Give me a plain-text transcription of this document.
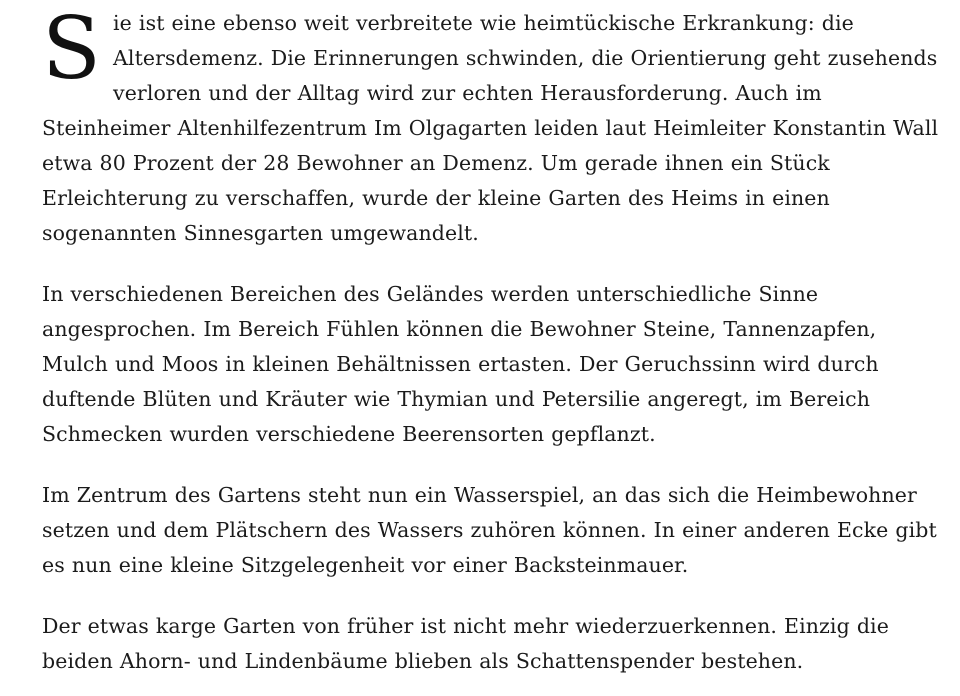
Sie ist eine ebenso weit verbreitete wie heimtückische Erkrankung: die Altersdemenz. Die Erinnerungen schwinden, die Orientierung geht zusehends verloren und der Alltag wird zur echten Herausforderung. Auch im Steinheimer Altenhilfezentrum Im Olgagarten leiden laut Heimleiter Konstantin Wall etwa 80 Prozent der 28 Bewohner an Demenz. Um gerade ihnen ein Stück Erleichterung zu verschaffen, wurde der kleine Garten des Heims in einen sogenannten Sinnesgarten umgewandelt.

In verschiedenen Bereichen des Geländes werden unterschiedliche Sinne angesprochen. Im Bereich Fühlen können die Bewohner Steine, Tannenzapfen, Mulch und Moos in kleinen Behältnissen ertasten. Der Geruchssinn wird durch duftende Blüten und Kräuter wie Thymian und Petersilie angeregt, im Bereich Schmecken wurden verschiedene Beerensorten gepflanzt.

Im Zentrum des Gartens steht nun ein Wasserspiel, an das sich die Heimbewohner setzen und dem Plätschern des Wassers zuhören können. In einer anderen Ecke gibt es nun eine kleine Sitzgelegenheit vor einer Backsteinmauer.

Der etwas karge Garten von früher ist nicht mehr wiederzuerkennen. Einzig die beiden Ahorn- und Lindenbäume blieben als Schattenspender bestehen.
